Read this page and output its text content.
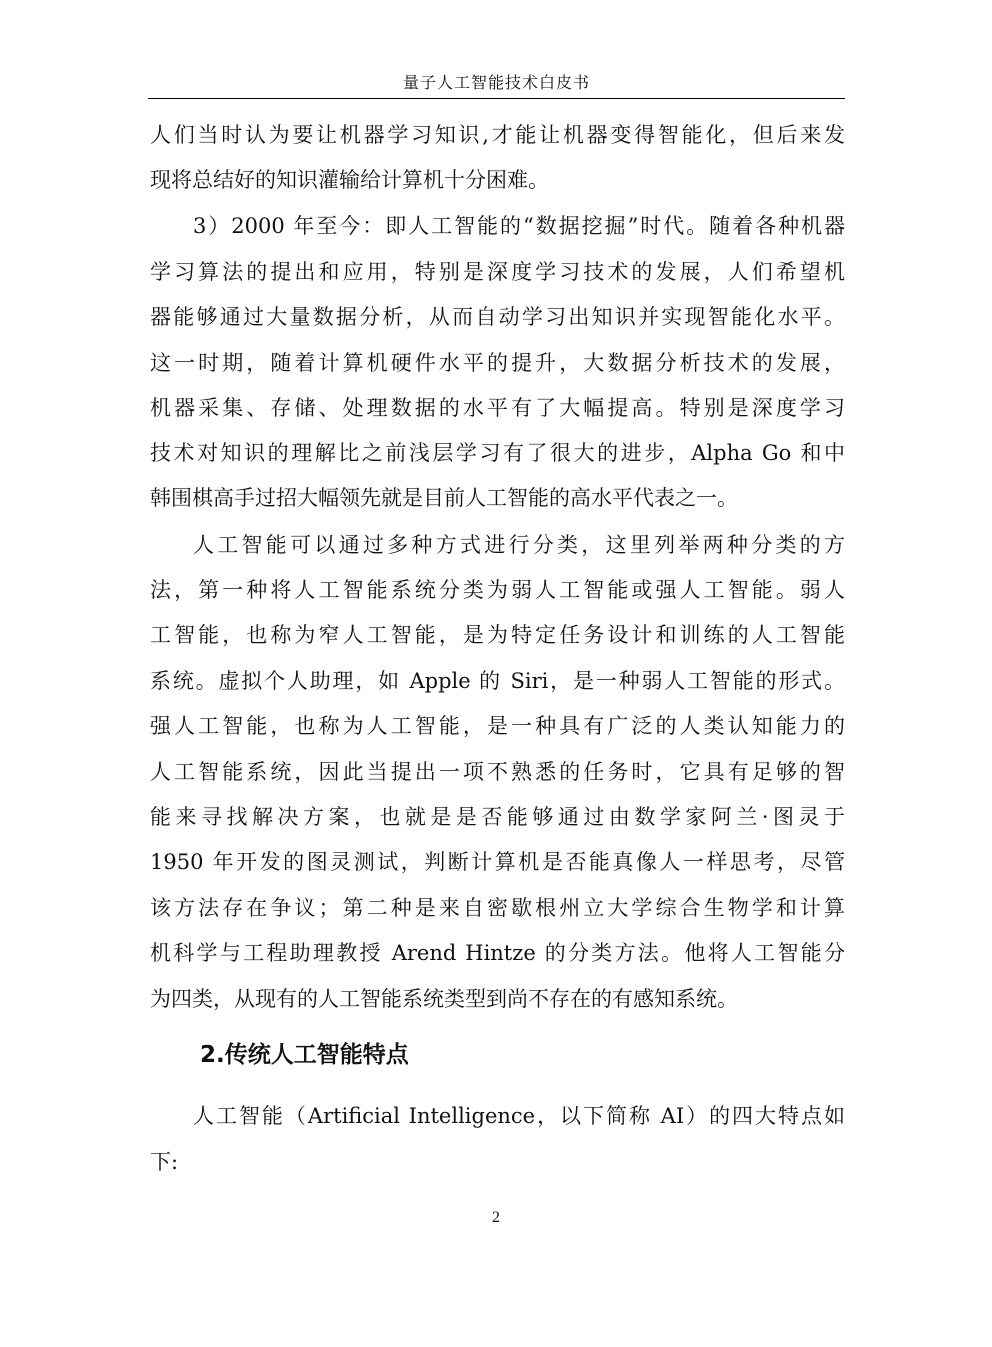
量子人工智能技术白皮书
人们当时认为要让机器学习知识,才能让机器变得智能化，但后来发
现将总结好的知识灌输给计算机十分困难。
3）2000 年至今：即人工智能的“数据挖掘”时代。随着各种机器
学习算法的提出和应用，特别是深度学习技术的发展，人们希望机
器能够通过大量数据分析，从而自动学习出知识并实现智能化水平。
这一时期，随着计算机硬件水平的提升，大数据分析技术的发展，
机器采集、存储、处理数据的水平有了大幅提高。特别是深度学习
技术对知识的理解比之前浅层学习有了很大的进步，Alpha Go 和中
韩围棋高手过招大幅领先就是目前人工智能的高水平代表之一。
人工智能可以通过多种方式进行分类，这里列举两种分类的方
法，第一种将人工智能系统分类为弱人工智能或强人工智能。弱人
工智能，也称为窄人工智能，是为特定任务设计和训练的人工智能
系统。虚拟个人助理，如 Apple 的 Siri，是一种弱人工智能的形式。
强人工智能，也称为人工智能，是一种具有广泛的人类认知能力的
人工智能系统，因此当提出一项不熟悉的任务时，它具有足够的智
能来寻找解决方案，也就是是否能够通过由数学家阿兰·图灵于
1950 年开发的图灵测试，判断计算机是否能真像人一样思考，尽管
该方法存在争议；第二种是来自密歇根州立大学综合生物学和计算
机科学与工程助理教授 Arend Hintze 的分类方法。他将人工智能分
为四类，从现有的人工智能系统类型到尚不存在的有感知系统。
2.传统人工智能特点
人工智能（Artificial Intelligence，以下简称 AI）的四大特点如
下:
2
